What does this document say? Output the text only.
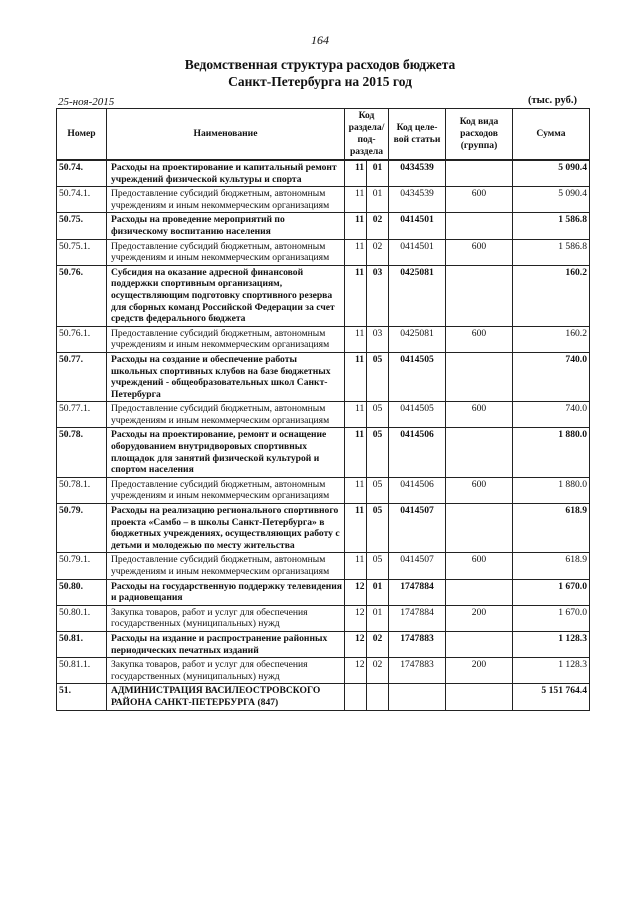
164
Ведомственная структура расходов бюджета
Санкт-Петербурга на 2015 год
25-ноя-2015	(тыс. руб.)
Номер	Наименование	Код раздела/ под- раздела		Код целе- вой статьи	Код вида расходов (группа)	Сумма
50.74.	Расходы на проектирование и капитальный ремонт учреждений физической культуры и спорта	11	01	0434539		5 090.4
50.74.1.	Предоставление субсидий бюджетным, автономным учреждениям и иным некоммерческим организациям	11	01	0434539	600	5 090.4
50.75.	Расходы на проведение мероприятий по физическому воспитанию населения	11	02	0414501		1 586.8
50.75.1.	Предоставление субсидий бюджетным, автономным учреждениям и иным некоммерческим организациям	11	02	0414501	600	1 586.8
50.76.	Субсидия на оказание адресной финансовой поддержки спортивным организациям, осуществляющим подготовку спортивного резерва для сборных команд Российской Федерации за счет средств федерального бюджета	11	03	0425081		160.2
50.76.1.	Предоставление субсидий бюджетным, автономным учреждениям и иным некоммерческим организациям	11	03	0425081	600	160.2
50.77.	Расходы на создание и обеспечение работы школьных спортивных клубов на базе бюджетных учреждений - общеобразовательных школ Санкт-Петербурга	11	05	0414505		740.0
50.77.1.	Предоставление субсидий бюджетным, автономным учреждениям и иным некоммерческим организациям	11	05	0414505	600	740.0
50.78.	Расходы на проектирование, ремонт и оснащение оборудованием внутридворовых спортивных площадок для занятий физической культурой и спортом населения	11	05	0414506		1 880.0
50.78.1.	Предоставление субсидий бюджетным, автономным учреждениям и иным некоммерческим организациям	11	05	0414506	600	1 880.0
50.79.	Расходы на реализацию регионального спортивного проекта «Самбо – в школы Санкт-Петербурга» в бюджетных учреждениях, осуществляющих работу с детьми и молодежью по месту жительства	11	05	0414507		618.9
50.79.1.	Предоставление субсидий бюджетным, автономным учреждениям и иным некоммерческим организациям	11	05	0414507	600	618.9
50.80.	Расходы на государственную поддержку телевидения и радиовещания	12	01	1747884		1 670.0
50.80.1.	Закупка товаров, работ и услуг для обеспечения государственных (муниципальных) нужд	12	01	1747884	200	1 670.0
50.81.	Расходы на издание и распространение районных периодических печатных изданий	12	02	1747883		1 128.3
50.81.1.	Закупка товаров, работ и услуг для обеспечения государственных (муниципальных) нужд	12	02	1747883	200	1 128.3
51.	АДМИНИСТРАЦИЯ ВАСИЛЕОСТРОВСКОГО РАЙОНА САНКТ-ПЕТЕРБУРГА (847)					5 151 764.4
